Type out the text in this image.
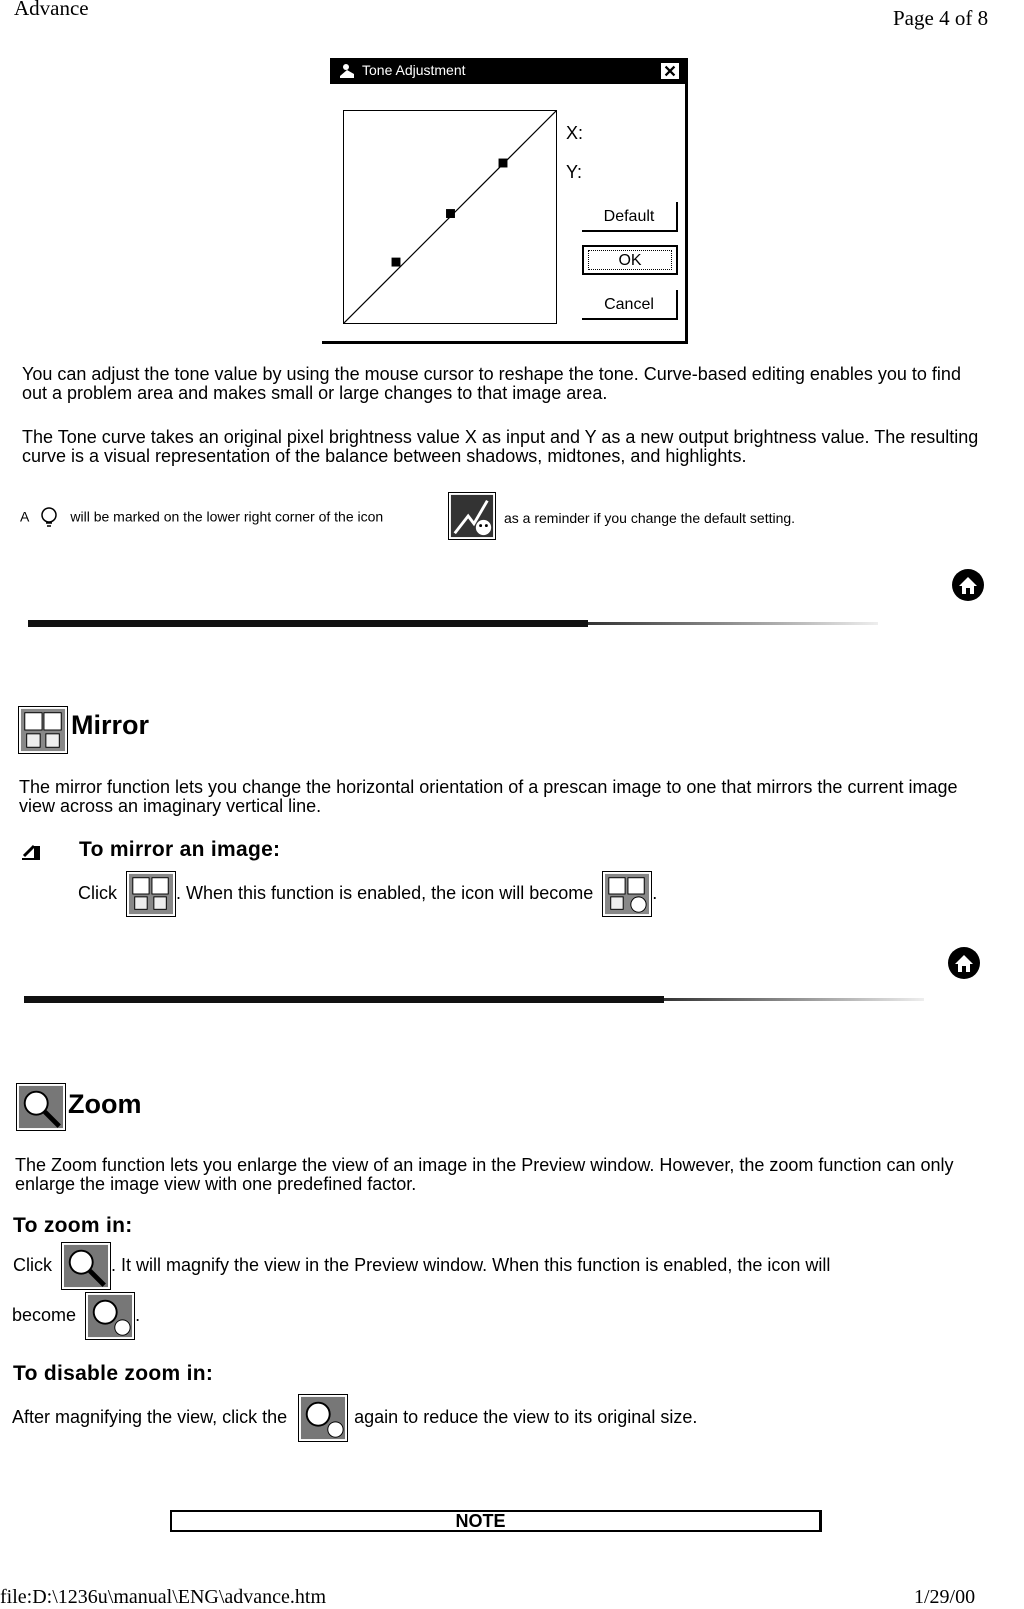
Advance	Page 4 of 8
Tone Adjustment
X:
Y:
Default
OK
Cancel

You can adjust the tone value by using the mouse cursor to reshape the tone. Curve-based editing enables you to find out a problem area and makes small or large changes to that image area.

The Tone curve takes an original pixel brightness value X as input and Y as a new output brightness value. The resulting curve is a visual representation of the balance between shadows, midtones, and highlights.

A	will be marked on the lower right corner of the icon	as a reminder if you change the default setting.
Mirror

The mirror function lets you change the horizontal orientation of a prescan image to one that mirrors the current image view across an imaginary vertical line.

To mirror an image:
Click	. When this function is enabled, the icon will become	.
Zoom

The Zoom function lets you enlarge the view of an image in the Preview window. However, the zoom function can only enlarge the image view with one predefined factor.

To zoom in:
Click	. It will magnify the view in the Preview window. When this function is enabled, the icon will
become	.
To disable zoom in:
After magnifying the view, click the	again to reduce the view to its original size.
NOTE
file:D:\1236u\manual\ENG\advance.htm	1/29/00
